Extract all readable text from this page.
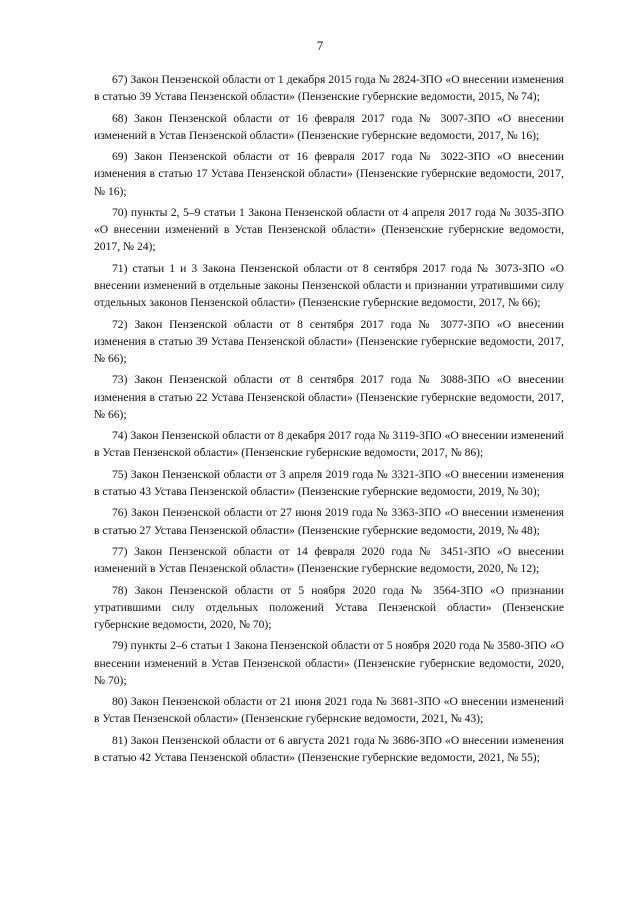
7

67) Закон Пензенской области от 1 декабря 2015 года № 2824-ЗПО «О внесении изменения в статью 39 Устава Пензенской области» (Пензенские губернские ведомости, 2015, № 74);

68) Закон Пензенской области от 16 февраля 2017 года № 3007-ЗПО «О внесении изменений в Устав Пензенской области» (Пензенские губернские ведомости, 2017, № 16);

69) Закон Пензенской области от 16 февраля 2017 года № 3022-ЗПО «О внесении изменения в статью 17 Устава Пензенской области» (Пензенские губернские ведомости, 2017, № 16);

70) пункты 2, 5–9 статьи 1 Закона Пензенской области от 4 апреля 2017 года № 3035-ЗПО «О внесении изменений в Устав Пензенской области» (Пензенские губернские ведомости, 2017, № 24);

71) статьи 1 и 3 Закона Пензенской области от 8 сентября 2017 года № 3073-ЗПО «О внесении изменений в отдельные законы Пензенской области и признании утратившими силу отдельных законов Пензенской области» (Пензенские губернские ведомости, 2017, № 66);

72) Закон Пензенской области от 8 сентября 2017 года № 3077-ЗПО «О внесении изменения в статью 39 Устава Пензенской области» (Пензенские губернские ведомости, 2017, № 66);

73) Закон Пензенской области от 8 сентября 2017 года № 3088-ЗПО «О внесении изменения в статью 22 Устава Пензенской области» (Пензенские губернские ведомости, 2017, № 66);

74) Закон Пензенской области от 8 декабря 2017 года № 3119-ЗПО «О внесении изменений в Устав Пензенской области» (Пензенские губернские ведомости, 2017, № 86);

75) Закон Пензенской области от 3 апреля 2019 года № 3321-ЗПО «О внесении изменения в статью 43 Устава Пензенской области» (Пензенские губернские ведомости, 2019, № 30);

76) Закон Пензенской области от 27 июня 2019 года № 3363-ЗПО «О внесении изменения в статью 27 Устава Пензенской области» (Пензенские губернские ведомости, 2019, № 48);

77) Закон Пензенской области от 14 февраля 2020 года № 3451-ЗПО «О внесении изменений в Устав Пензенской области» (Пензенские губернские ведомости, 2020, № 12);

78) Закон Пензенской области от 5 ноября 2020 года № 3564-ЗПО «О признании утратившими силу отдельных положений Устава Пензенской области» (Пензенские губернские ведомости, 2020, № 70);

79) пункты 2–6 статьи 1 Закона Пензенской области от 5 ноября 2020 года № 3580-ЗПО «О внесении изменений в Устав Пензенской области» (Пензенские губернские ведомости, 2020, № 70);

80) Закон Пензенской области от 21 июня 2021 года № 3681-ЗПО «О внесении изменений в Устав Пензенской области» (Пензенские губернские ведомости, 2021, № 43);

81) Закон Пензенской области от 6 августа 2021 года № 3686-ЗПО «О внесении изменения в статью 42 Устава Пензенской области» (Пензенские губернские ведомости, 2021, № 55);
